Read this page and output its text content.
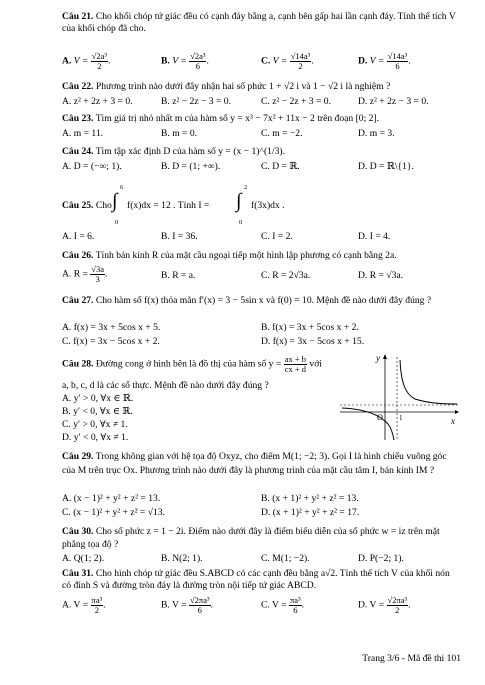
Câu 21. Cho khối chóp tứ giác đều có cạnh đáy bằng a, cạnh bên gấp hai lần cạnh đáy. Tính thể tích V của khối chóp đã cho.
A. $V = \frac{\text{√2a³}}{2}$ .	B. $V = \frac{\text{√2a³}}{6}$ .	C. $V = \frac{\text{√14a³}}{2}$ .	D. $V = \frac{\text{√14a³}}{6}$ .
Câu 22. Phương trình nào dưới đây nhận hai số phức 1 + √2 i và 1 − √2 i là nghiệm ?
A. z² + 2z + 3 = 0.	B. z² − 2z − 3 = 0.	C. z² − 2z + 3 = 0.	D. z² + 2z − 3 = 0.
Câu 23. Tìm giá trị nhỏ nhất m của hàm số y = x³ − 7x² + 11x − 2 trên đoạn [0; 2].
A. m = 11.	B. m = 0.	C. m = −2.	D. m = 3.
Câu 24. Tìm tập xác định D của hàm số y = (x − 1)^(1/3).
A. D = (−∞; 1).	B. D = (1; +∞).	C. D = ℝ.	D. D = ℝ\{1}.
Câu 25. Cho ∫
6
0
f(x)dx = 12 . Tính I = ∫
2
0
f(3x)dx .
A. I = 6.	B. I = 36.	C. I = 2.	D. I = 4.
Câu 26. Tính bán kính R của mặt cầu ngoại tiếp một hình lập phương có cạnh bằng 2a.
A. $R = \frac{√3a}{3}$ .	B. R = a.	C. R = 2√3a.	D. R = √3a.
Câu 27. Cho hàm số f(x) thỏa mãn f′(x) = 3 − 5sin x và f(0) = 10. Mệnh đề nào dưới đây đúng ?
A. f(x) = 3x + 5cos x + 5.	B. f(x) = 3x + 5cos x + 2.
C. f(x) = 3x − 5cos x + 2.	D. f(x) = 3x − 5cos x + 15.
Câu 28. Đường cong ở hình bên là đồ thị của hàm số $y = \frac{ax + b}{cx + d}$ với
a, b, c, d là các số thực. Mệnh đề nào dưới đây đúng ?
A. y′ > 0, ∀x ∈ ℝ.
B. y′ < 0, ∀x ∈ ℝ.
C. y′ > 0, ∀x ≠ 1.
D. y′ < 0, ∀x ≠ 1.
y
x
O 1
Câu 29. Trong không gian với hệ tọa độ Oxyz, cho điểm M(1; −2; 3). Gọi I là hình chiếu vuông góc của M trên trục Ox. Phương trình nào dưới đây là phương trình của mặt cầu tâm I, bán kính IM ?
A. (x − 1)² + y² + z² = 13.	B. (x + 1)² + y² + z² = 13.
C. (x − 1)² + y² + z² = √13.	D. (x + 1)² + y² + z² = 17.
Câu 30. Cho số phức z = 1 − 2i. Điểm nào dưới đây là điểm biểu diễn của số phức w = iz trên mặt phẳng tọa độ ?
A. Q(1; 2).	B. N(2; 1).	C. M(1; −2).	D. P(−2; 1).
Câu 31. Cho hình chóp tứ giác đều S.ABCD có các cạnh đều bằng a√2. Tính thể tích V của khối nón có đỉnh S và đường tròn đáy là đường tròn nội tiếp tứ giác ABCD.
A. $V = \frac{\text{πa³}}{2}$ .	B. $V = \frac{\text{√2πa³}}{6}$ .	C. $V = \frac{\text{πa³}}{6}$ .	D. $V = \frac{\text{√2πa³}}{2}$ .
Trang 3/6 - Mã đề thi 101
